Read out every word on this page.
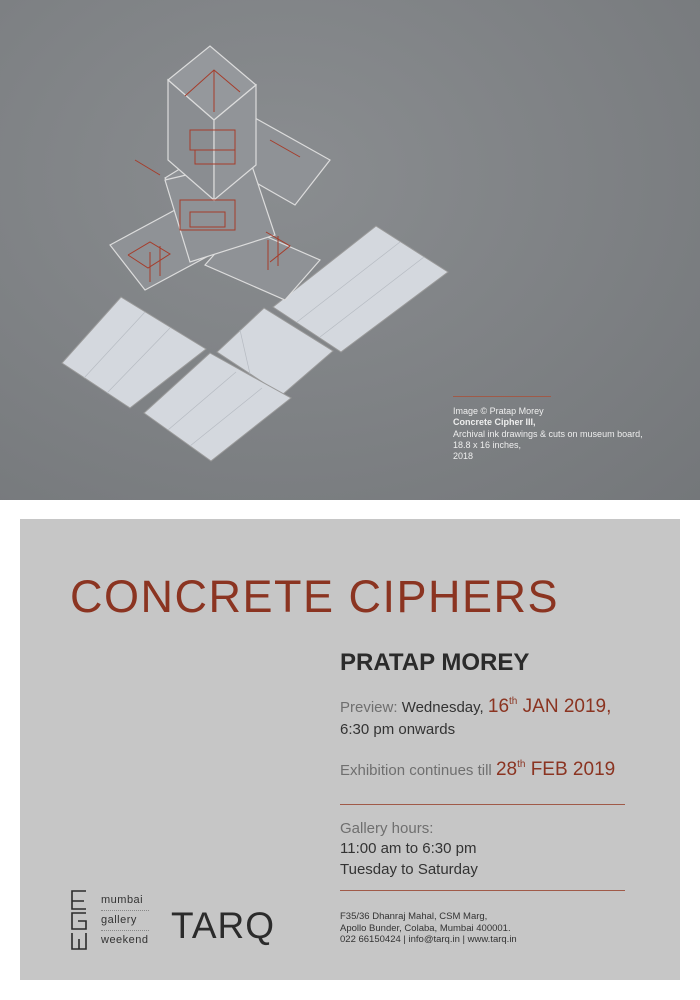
Image © Pratap Morey
Concrete Cipher III,
Archival ink drawings & cuts on museum board,
18.8 x 16 inches,
2018
CONCRETE CIPHERS
PRATAP MOREY
Preview: Wednesday, 16th JAN 2019,
6:30 pm onwards
Exhibition continues till 28th FEB 2019
Gallery hours:
11:00 am to 6:30 pm
Tuesday to Saturday
F35/36 Dhanraj Mahal, CSM Marg,
Apollo Bunder, Colaba, Mumbai 400001.
022 66150424 | info@tarq.in | www.tarq.in
mumbai
gallery
weekend TARQ
